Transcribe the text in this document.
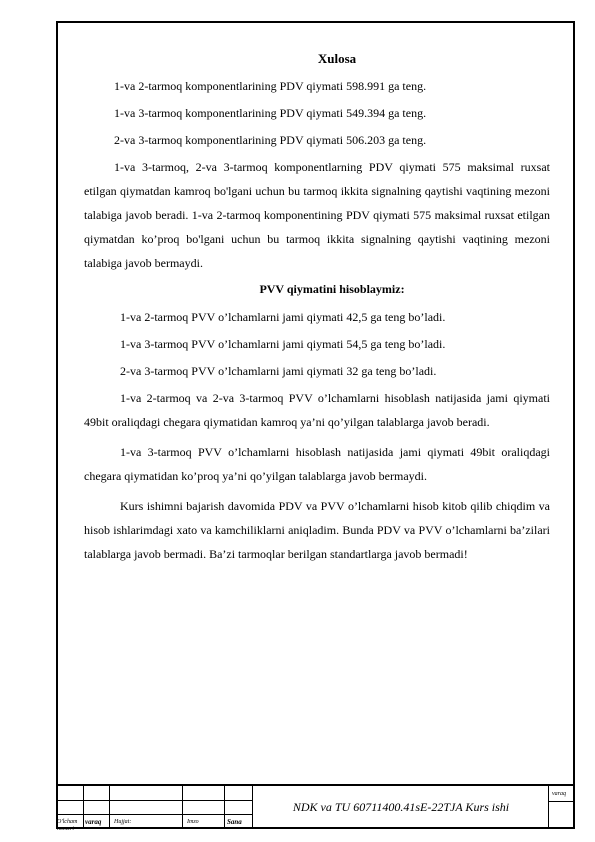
Xulosa

1-va 2-tarmoq komponentlarining PDV qiymati 598.991 ga teng.

1-va 3-tarmoq komponentlarining PDV qiymati 549.394 ga teng.

2-va 3-tarmoq komponentlarining PDV qiymati 506.203 ga teng.

1-va 3-tarmoq, 2-va 3-tarmoq komponentlarning PDV qiymati 575 maksimal ruxsat etilgan qiymatdan kamroq bo'lgani uchun bu tarmoq ikkita signalning qaytishi vaqtining mezoni talabiga javob beradi. 1-va 2-tarmoq komponentining PDV qiymati 575 maksimal ruxsat etilgan qiymatdan ko’proq bo'lgani uchun bu tarmoq ikkita signalning qaytishi vaqtining mezoni talabiga javob bermaydi.

PVV qiymatini hisoblaymiz:

1-va 2-tarmoq PVV o’lchamlarni jami qiymati 42,5 ga teng bo’ladi.

1-va 3-tarmoq PVV o’lchamlarni jami qiymati 54,5 ga teng bo’ladi.

2-va 3-tarmoq PVV o’lchamlarni jami qiymati 32 ga teng bo’ladi.

1-va 2-tarmoq va 2-va 3-tarmoq PVV o’lchamlarni hisoblash natijasida jami qiymati 49bit oraliqdagi chegara qiymatidan kamroq ya’ni qo’yilgan talablarga javob beradi.

1-va 3-tarmoq PVV o’lchamlarni hisoblash natijasida jami qiymati 49bit oraliqdagi chegara qiymatidan ko’proq ya’ni qo’yilgan talablarga javob bermaydi.

Kurs ishimni bajarish davomida PDV va PVV o’lchamlarni hisob kitob qilib chiqdim va hisob ishlarimdagi xato va kamchiliklarni aniqladim. Bunda PDV va PVV o’lchamlarni ba’zilari talablarga javob bermadi. Ba’zi tarmoqlar berilgan standartlarga javob bermadi!

O'lcham
nomeri
varaq Hujjat:	Imzo	Sana
NDK va TU 60711400.41sE-22TJA Kurs ishi
varaq
